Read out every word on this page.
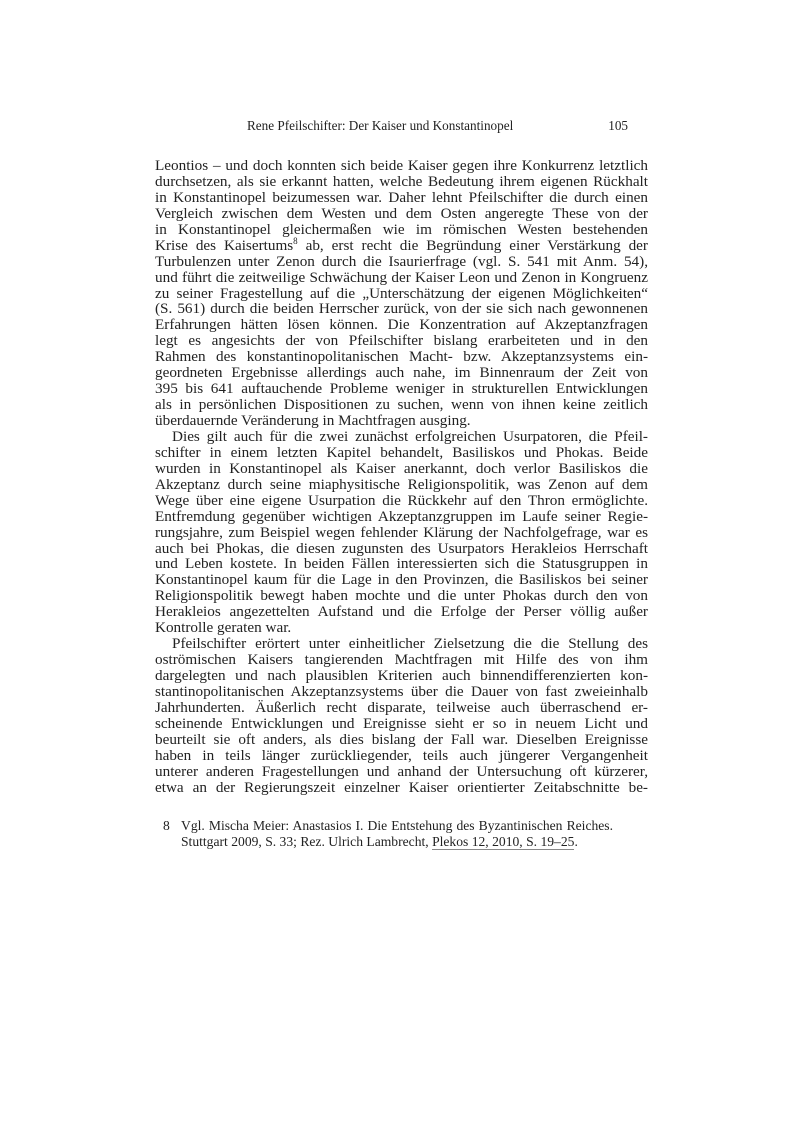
Rene Pfeilschifter: Der Kaiser und Konstantinopel	105
Leontios – und doch konnten sich beide Kaiser gegen ihre Konkurrenz letztlich
durchsetzen, als sie erkannt hatten, welche Bedeutung ihrem eigenen Rückhalt
in Konstantinopel beizumessen war. Daher lehnt Pfeilschifter die durch einen
Vergleich zwischen dem Westen und dem Osten angeregte These von der
in Konstantinopel gleichermaßen wie im römischen Westen bestehenden
Krise des Kaisertums$^8$ ab, erst recht die Begründung einer Verstärkung der
Turbulenzen unter Zenon durch die Isaurierfrage (vgl. S. 541 mit Anm. 54),
und führt die zeitweilige Schwächung der Kaiser Leon und Zenon in Kongruenz
zu seiner Fragestellung auf die „Unterschätzung der eigenen Möglichkeiten“
(S. 561) durch die beiden Herrscher zurück, von der sie sich nach gewonnenen
Erfahrungen hätten lösen können. Die Konzentration auf Akzeptanzfragen
legt es angesichts der von Pfeilschifter bislang erarbeiteten und in den
Rahmen des konstantinopolitanischen Macht- bzw. Akzeptanzsystems ein-
geordneten Ergebnisse allerdings auch nahe, im Binnenraum der Zeit von
395 bis 641 auftauchende Probleme weniger in strukturellen Entwicklungen
als in persönlichen Dispositionen zu suchen, wenn von ihnen keine zeitlich
überdauernde Veränderung in Machtfragen ausging.
Dies gilt auch für die zwei zunächst erfolgreichen Usurpatoren, die Pfeil-
schifter in einem letzten Kapitel behandelt, Basiliskos und Phokas. Beide
wurden in Konstantinopel als Kaiser anerkannt, doch verlor Basiliskos die
Akzeptanz durch seine miaphysitische Religionspolitik, was Zenon auf dem
Wege über eine eigene Usurpation die Rückkehr auf den Thron ermöglichte.
Entfremdung gegenüber wichtigen Akzeptanzgruppen im Laufe seiner Regie-
rungsjahre, zum Beispiel wegen fehlender Klärung der Nachfolgefrage, war es
auch bei Phokas, die diesen zugunsten des Usurpators Herakleios Herrschaft
und Leben kostete. In beiden Fällen interessierten sich die Statusgruppen in
Konstantinopel kaum für die Lage in den Provinzen, die Basiliskos bei seiner
Religionspolitik bewegt haben mochte und die unter Phokas durch den von
Herakleios angezettelten Aufstand und die Erfolge der Perser völlig außer
Kontrolle geraten war.
Pfeilschifter erörtert unter einheitlicher Zielsetzung die die Stellung des
oströmischen Kaisers tangierenden Machtfragen mit Hilfe des von ihm
dargelegten und nach plausiblen Kriterien auch binnendifferenzierten kon-
stantinopolitanischen Akzeptanzsystems über die Dauer von fast zweieinhalb
Jahrhunderten. Äußerlich recht disparate, teilweise auch überraschend er-
scheinende Entwicklungen und Ereignisse sieht er so in neuem Licht und
beurteilt sie oft anders, als dies bislang der Fall war. Dieselben Ereignisse
haben in teils länger zurückliegender, teils auch jüngerer Vergangenheit
unterer anderen Fragestellungen und anhand der Untersuchung oft kürzerer,
etwa an der Regierungszeit einzelner Kaiser orientierter Zeitabschnitte be-
8 Vgl. Mischa Meier: Anastasios I. Die Entstehung des Byzantinischen Reiches.
Stuttgart 2009, S. 33; Rez. Ulrich Lambrecht, Plekos 12, 2010, S. 19–25.
